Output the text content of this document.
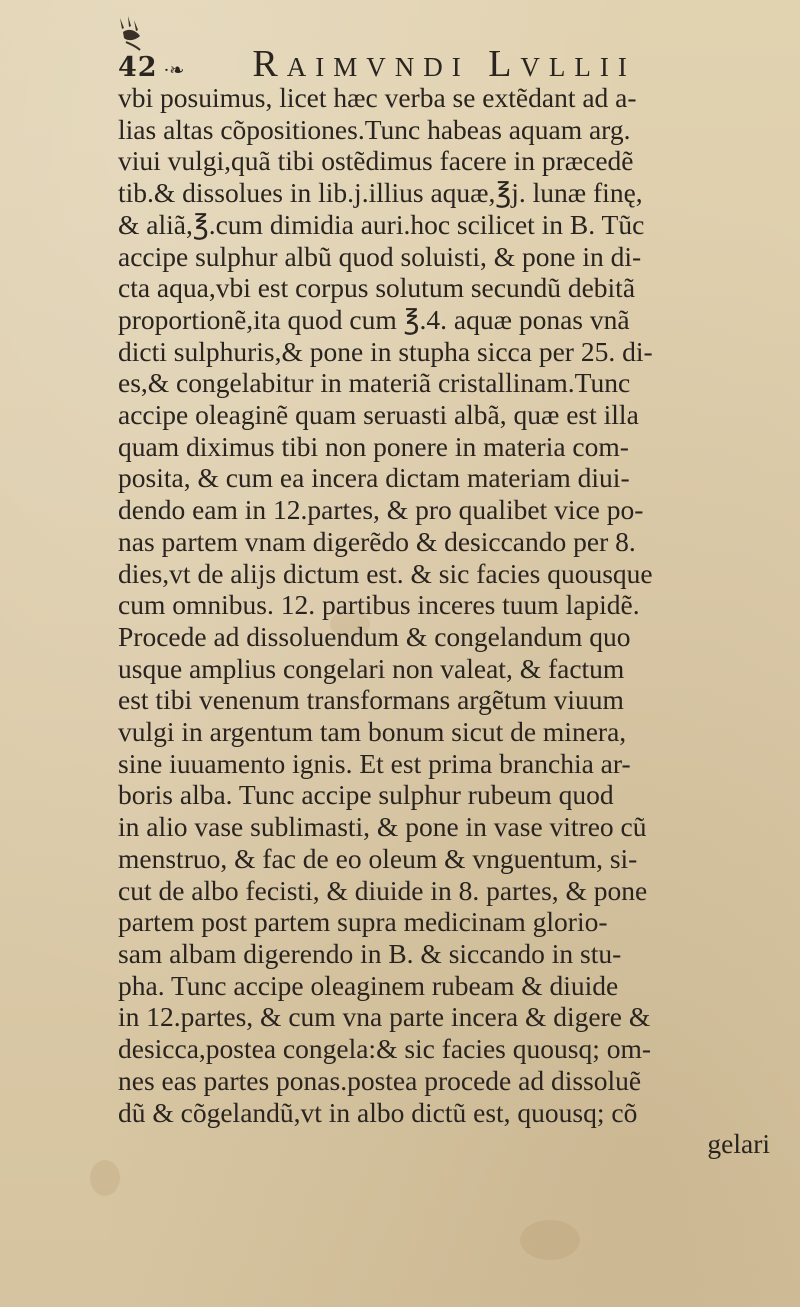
42 ·❧ Raimvndi Lvllii
vbi posuimus, licet hæc verba se extẽdant ad a-
lias altas cõpositiones.Tunc habeas aquam arg.
viui vulgi,quã tibi ostẽdimus facere in præcedẽ
tib.& dissolues in lib.j.illius aquæ,℥j. lunæ finę,
& aliã,℥.cum dimidia auri.hoc scilicet in B. Tũc
accipe sulphur albũ quod soluisti, & pone in di-
cta aqua,vbi est corpus solutum secundũ debitã
proportionẽ,ita quod cum ℥.4. aquæ ponas vnã
dicti sulphuris,& pone in stupha sicca per 25. di-
es,& congelabitur in materiã cristallinam.Tunc
accipe oleaginẽ quam seruasti albã, quæ est illa
quam diximus tibi non ponere in materia com-
posita, & cum ea incera dictam materiam diui-
dendo eam in 12.partes, & pro qualibet vice po-
nas partem vnam digerẽdo & desiccando per 8.
dies,vt de alijs dictum est. & sic facies quousque
cum omnibus. 12. partibus inceres tuum lapidẽ.
Procede ad dissoluendum & congelandum quo
usque amplius congelari non valeat, & factum
est tibi venenum transformans argẽtum viuum
vulgi in argentum tam bonum sicut de minera,
sine iuuamento ignis. Et est prima branchia ar-
boris alba. Tunc accipe sulphur rubeum quod
in alio vase sublimasti, & pone in vase vitreo cũ
menstruo, & fac de eo oleum & vnguentum, si-
cut de albo fecisti, & diuide in 8. partes, & pone
partem post partem supra medicinam glorio-
sam albam digerendo in B. & siccando in stu-
pha. Tunc accipe oleaginem rubeam & diuide
in 12.partes, & cum vna parte incera & digere &
desicca,postea congela:& sic facies quousq; om-
nes eas partes ponas.postea procede ad dissoluẽ
dũ & cõgelandũ,vt in albo dictũ est, quousq; cõ
gelari
